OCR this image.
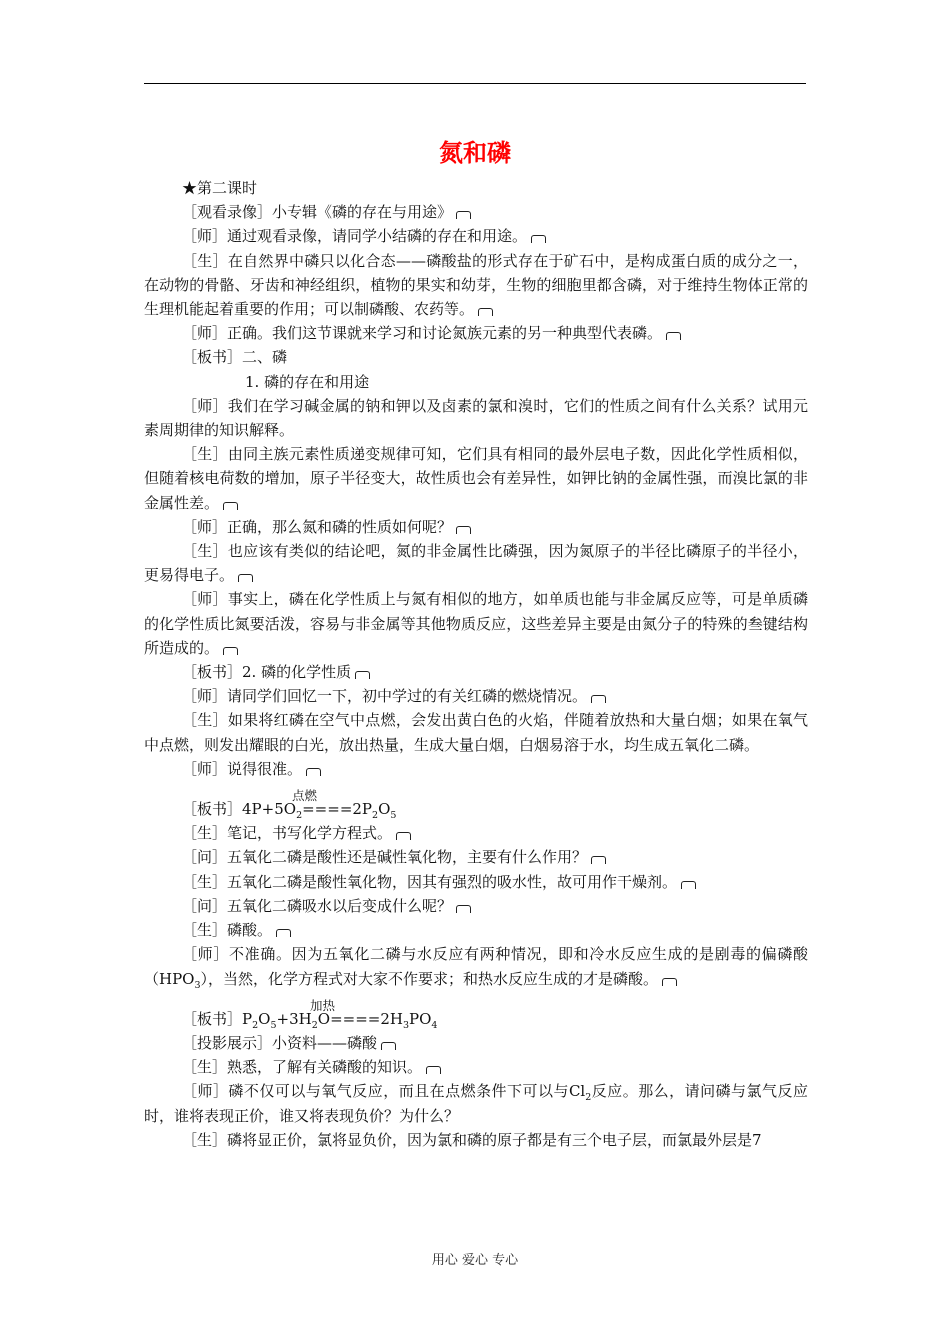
氮和磷

★第二课时

［观看录像］小专辑《磷的存在与用途》

［师］通过观看录像，请同学小结磷的存在和用途。

［生］在自然界中磷只以化合态——磷酸盐的形式存在于矿石中，是构成蛋白质的成分之一，在动物的骨骼、牙齿和神经组织，植物的果实和幼芽，生物的细胞里都含磷，对于维持生物体正常的生理机能起着重要的作用；可以制磷酸、农药等。

［师］正确。我们这节课就来学习和讨论氮族元素的另一种典型代表磷。

［板书］二、磷

1. 磷的存在和用途

［师］我们在学习碱金属的钠和钾以及卤素的氯和溴时，它们的性质之间有什么关系？试用元素周期律的知识解释。

［生］由同主族元素性质递变规律可知，它们具有相同的最外层电子数，因此化学性质相似，但随着核电荷数的增加，原子半径变大，故性质也会有差异性，如钾比钠的金属性强，而溴比氯的非金属性差。

［师］正确，那么氮和磷的性质如何呢？

［生］也应该有类似的结论吧，氮的非金属性比磷强，因为氮原子的半径比磷原子的半径小，更易得电子。

［师］事实上，磷在化学性质上与氮有相似的地方，如单质也能与非金属反应等，可是单质磷的化学性质比氮要活泼，容易与非金属等其他物质反应，这些差异主要是由氮分子的特殊的叁键结构所造成的。

［板书］2. 磷的化学性质

［师］请同学们回忆一下，初中学过的有关红磷的燃烧情况。

［生］如果将红磷在空气中点燃，会发出黄白色的火焰，伴随着放热和大量白烟；如果在氧气中点燃，则发出耀眼的白光，放出热量，生成大量白烟，白烟易溶于水，均生成五氧化二磷。

［师］说得很准。

点燃

［板书$]4P+5O_2====2P_2O_5$

［生］笔记，书写化学方程式。

［问］五氧化二磷是酸性还是碱性氧化物，主要有什么作用？

［生］五氧化二磷是酸性氧化物，因其有强烈的吸水性，故可用作干燥剂。

［问］五氧化二磷吸水以后变成什么呢？

［生］磷酸。

［师］不准确。因为五氧化二磷与水反应有两种情况，即和冷水反应生成的是剧毒的偏磷酸$(HPO_3)$，当然，化学方程式对大家不作要求；和热水反应生成的才是磷酸。

加热

［板书$]P_2O_5+3H_2O====2H_3PO_4$

［投影展示］小资料——磷酸

［生］熟悉，了解有关磷酸的知识。

［师］磷不仅可以与氧气反应，而且在点燃条件下可以与$Cl_2$反应。那么，请问磷与氯气反应时，谁将表现正价，谁又将表现负价？为什么？

［生］磷将显正价，氯将显负价，因为氯和磷的原子都是有三个电子层，而氯最外层是7

用心 爱心 专心
